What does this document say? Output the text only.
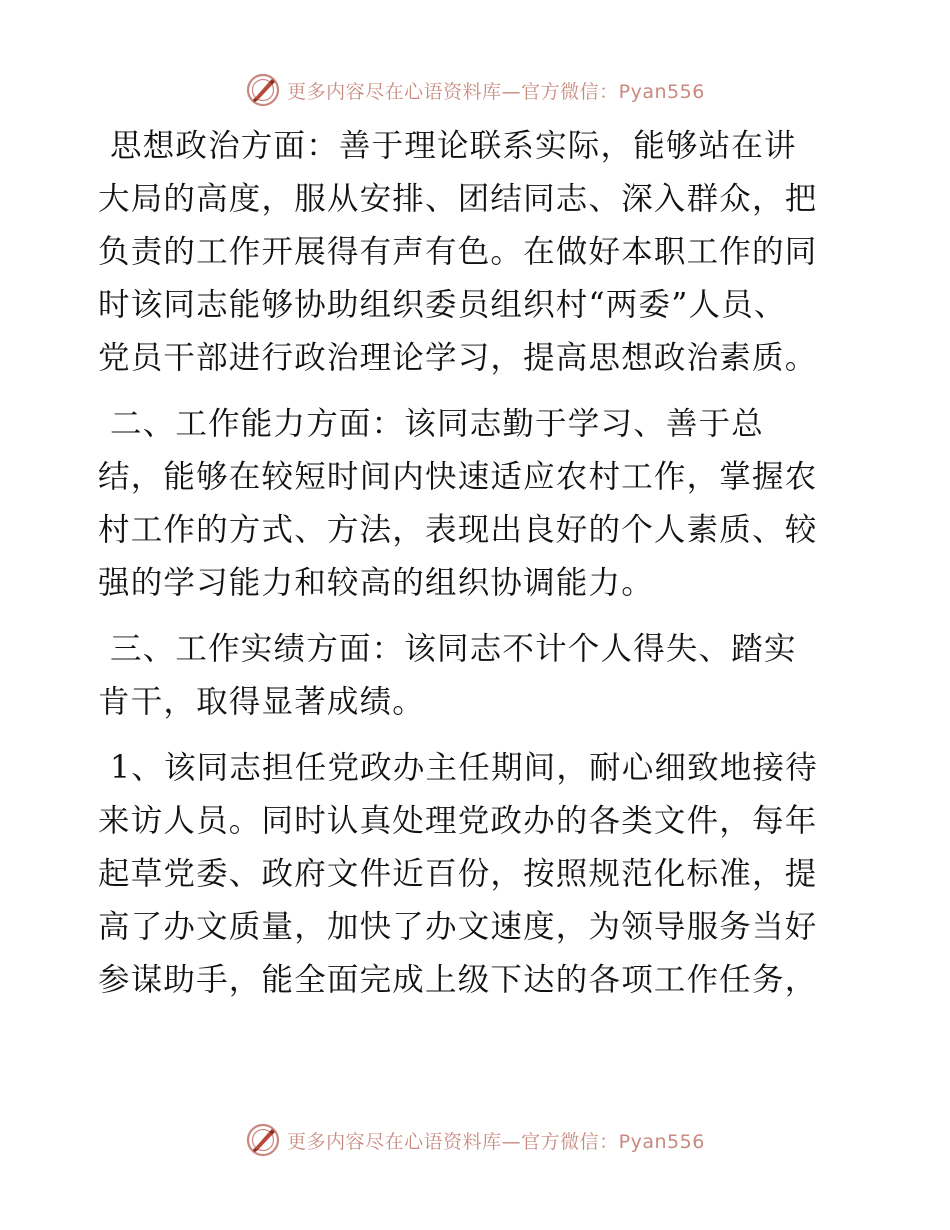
更多内容尽在心语资料库—官方微信：Pyan556

思想政治方面：善于理论联系实际，能够站在讲
大局的高度，服从安排、团结同志、深入群众，把
负责的工作开展得有声有色。在做好本职工作的同
时该同志能够协助组织委员组织村“两委”人员、
党员干部进行政治理论学习，提高思想政治素质。

二、工作能力方面：该同志勤于学习、善于总
结，能够在较短时间内快速适应农村工作，掌握农
村工作的方式、方法，表现出良好的个人素质、较
强的学习能力和较高的组织协调能力。

三、工作实绩方面：该同志不计个人得失、踏实
肯干，取得显著成绩。

1、该同志担任党政办主任期间，耐心细致地接待
来访人员。同时认真处理党政办的各类文件，每年
起草党委、政府文件近百份，按照规范化标准，提
高了办文质量，加快了办文速度，为领导服务当好
参谋助手，能全面完成上级下达的各项工作任务，

更多内容尽在心语资料库—官方微信：Pyan556
